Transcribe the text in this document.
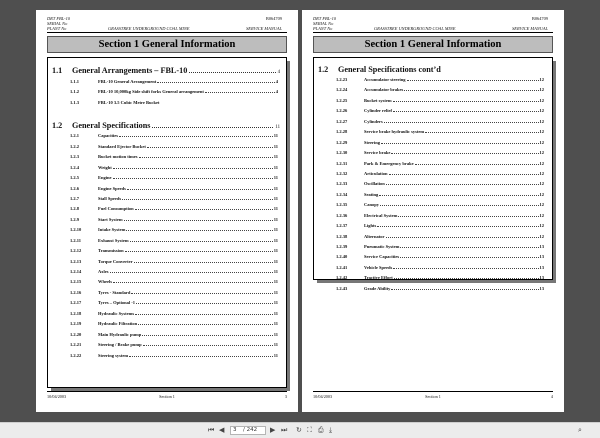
DRT FBL-10
SERIAL No
PLANT No
B064709
GRASSTREE UNDERGROUND COAL MINE	SERVICE MANUAL
Section 1 General Information
1.1	General Arrangements – FBL-10	4
1.1.1	FBL-10 General Arrangement	4
1.1.2	FBL-10 10,000kg Side shift forks General arrangement	4
1.1.3	FBL-10 3.5 Cubic Metre Bucket
1.2	General Specifications	11
1.2.1	Capacities	11
1.2.2	Standard Ejector Bucket	11
1.2.3	Bucket motion times	11
1.2.4	Weight	11
1.2.5	Engine	11
1.2.6	Engine Speeds	11
1.2.7	Stall Speeds	11
1.2.8	Fuel Consumption	11
1.2.9	Start System	11
1.2.10	Intake System	11
1.2.11	Exhaust System	11
1.2.12	Transmission	11
1.2.13	Torque Converter	11
1.2.14	Axles	11
1.2.15	Wheels	11
1.2.16	Tyres - Standard	11
1.2.17	Tyres – Optional -1	11
1.2.18	Hydraulic Systems	11
1.2.19	Hydraulic Filtration	11
1.2.20	Main Hydraulic pump	11
1.2.21	Steering / Brake pump	11
1.2.22	Steering system	11
10/04/2003	Section 1	3
DRT FBL-10
SERIAL No
PLANT No
B064709
GRASSTREE UNDERGROUND COAL MINE	SERVICE MANUAL
Section 1 General Information
1.2	General Specifications cont’d
1.2.23	Accumulator steering	12
1.2.24	Accumulator brakes	12
1.2.25	Bucket system	12
1.2.26	Cylinder relief	12
1.2.27	Cylinders	12
1.2.28	Service brake hydraulic system	12
1.2.29	Steering	12
1.2.30	Service brake	12
1.2.31	Park & Emergency brake	12
1.2.32	Articulation	12
1.2.33	Oscillation	12
1.2.34	Seating	12
1.2.35	Canopy	12
1.2.36	Electrical System	12
1.2.37	Lights	12
1.2.38	Alternator	12
1.2.39	Pneumatic System	13
1.2.40	Service Capacities	13
1.2.41	Vehicle Speeds	13
1.2.42	Tractive Effort	13
1.2.43	Grade Ability	13
10/04/2003	Section 1	4
⏮ ◀	3	/ 242 ▶ ⏭ ↻ ⛶ ⎙ ⤓	⌕
